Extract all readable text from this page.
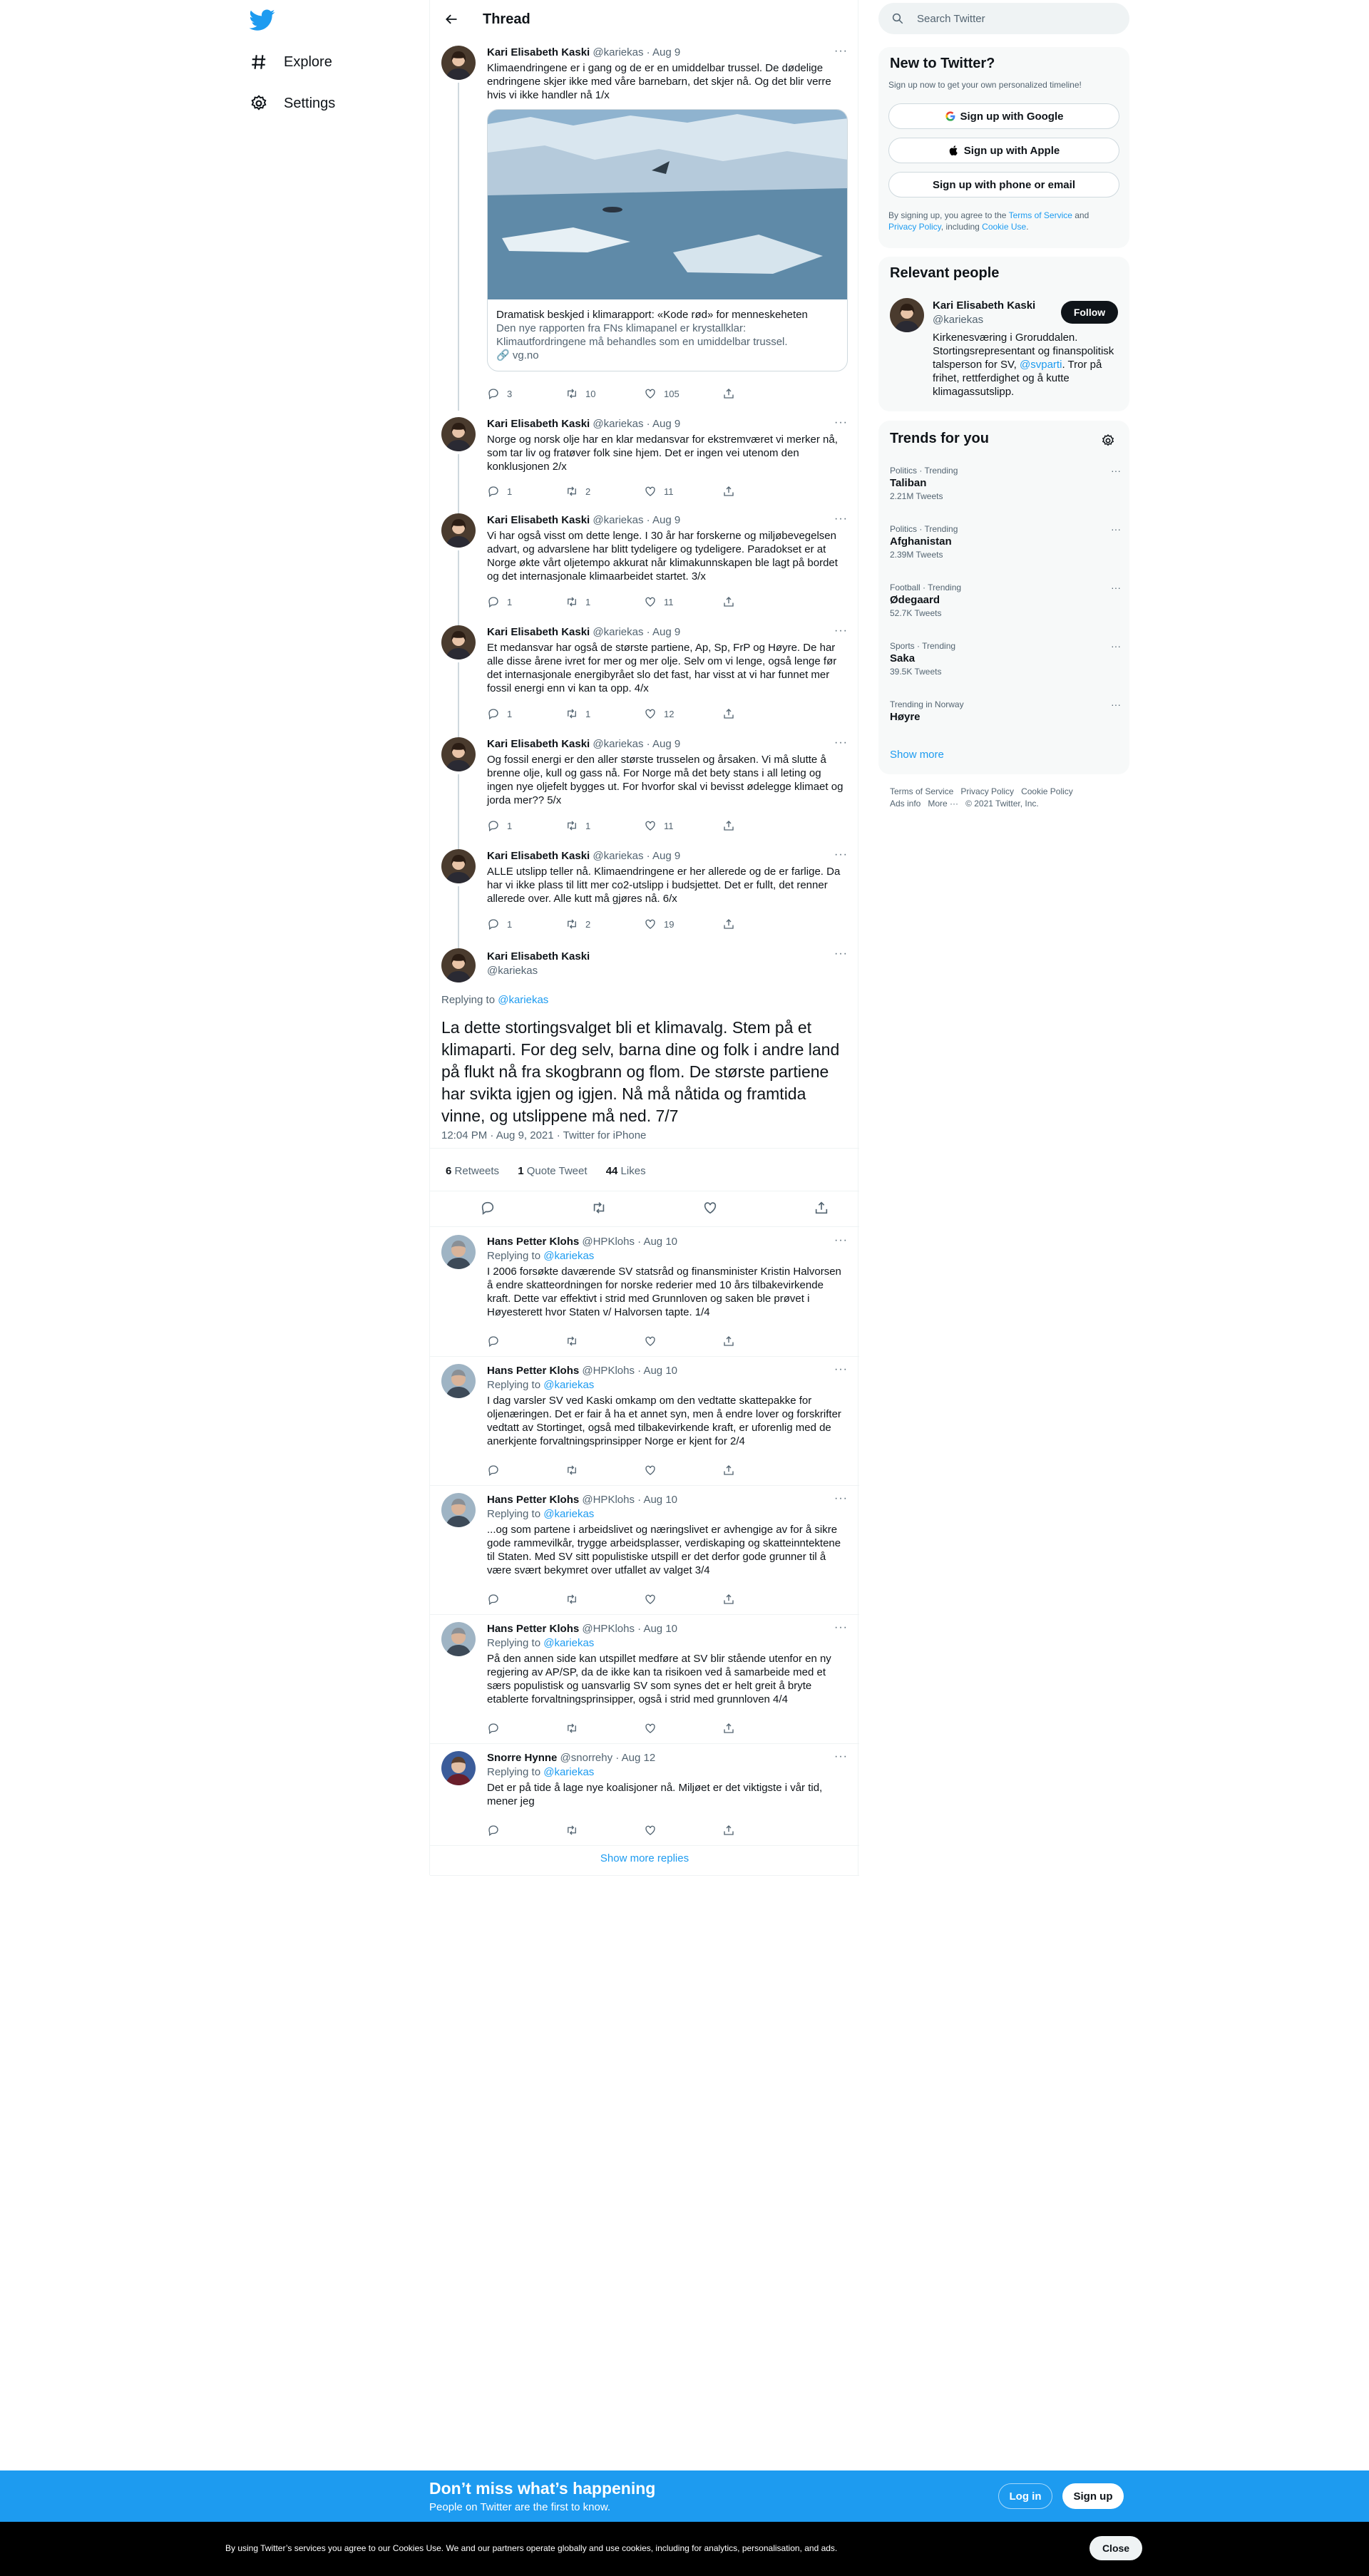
Explore
Settings
Thread
Kari Elisabeth Kaski @kariekas · Aug 9	···
Klimaendringene er i gang og de er en umiddelbar trussel. De dødelige endringene skjer ikke med våre barnebarn, det skjer nå. Og det blir verre hvis vi ikke handler nå 1/x
Dramatisk beskjed i klimarapport: «Kode rød» for menneskeheten
Den nye rapporten fra FNs klimapanel er krystallklar: Klimautfordringene må behandles som en umiddelbar trussel.
🔗 vg.no
3	10	105
Kari Elisabeth Kaski @kariekas · Aug 9	···
Norge og norsk olje har en klar medansvar for ekstremværet vi merker nå, som tar liv og fratøver folk sine hjem. Det er ingen vei utenom den konklusjonen 2/x
1	2	11
Kari Elisabeth Kaski @kariekas · Aug 9	···
Vi har også visst om dette lenge. I 30 år har forskerne og miljøbevegelsen advart, og advarslene har blitt tydeligere og tydeligere. Paradokset er at Norge økte vårt oljetempo akkurat når klimakunnskapen ble lagt på bordet og det internasjonale klimaarbeidet startet. 3/x
1	1	11
Kari Elisabeth Kaski @kariekas · Aug 9	···
Et medansvar har også de største partiene, Ap, Sp, FrP og Høyre. De har alle disse årene ivret for mer og mer olje. Selv om vi lenge, også lenge før det internasjonale energibyrået slo det fast, har visst at vi har funnet mer fossil energi enn vi kan ta opp. 4/x
1	1	12
Kari Elisabeth Kaski @kariekas · Aug 9	···
Og fossil energi er den aller største trusselen og årsaken. Vi må slutte å brenne olje, kull og gass nå. For Norge må det bety stans i all leting og ingen nye oljefelt bygges ut. For hvorfor skal vi bevisst ødelegge klimaet og jorda mer?? 5/x
1	1	11
Kari Elisabeth Kaski @kariekas · Aug 9	···
ALLE utslipp teller nå. Klimaendringene er her allerede og de er farlige. Da har vi ikke plass til litt mer co2-utslipp i budsjettet. Det er fullt, det renner allerede over. Alle kutt må gjøres nå. 6/x
1	2	19
Kari Elisabeth Kaski
@kariekas
···
Replying to @kariekas
La dette stortingsvalget bli et klimavalg. Stem på et klimaparti. For deg selv, barna dine og folk i andre land på flukt nå fra skogbrann og flom. De største partiene har svikta igjen og igjen. Nå må nåtida og framtida vinne, og utslippene må ned. 7/7
12:04 PM · Aug 9, 2021 · Twitter for iPhone
6 Retweets 1 Quote Tweet 44 Likes
Hans Petter Klohs @HPKlohs · Aug 10	···
Replying to @kariekas
I 2006 forsøkte daværende SV statsråd og finansminister Kristin Halvorsen å endre skatteordningen for norske rederier med 10 års tilbakevirkende kraft. Dette var effektivt i strid med Grunnloven og saken ble prøvet i Høyesterett hvor Staten v/ Halvorsen tapte. 1/4
Hans Petter Klohs @HPKlohs · Aug 10	···
Replying to @kariekas
I dag varsler SV ved Kaski omkamp om den vedtatte skattepakke for oljenæringen. Det er fair å ha et annet syn, men å endre lover og forskrifter vedtatt av Stortinget, også med tilbakevirkende kraft, er uforenlig med de anerkjente forvaltningsprinsipper Norge er kjent for 2/4
Hans Petter Klohs @HPKlohs · Aug 10	···
Replying to @kariekas
...og som partene i arbeidslivet og næringslivet er avhengige av for å sikre gode rammevilkår, trygge arbeidsplasser, verdiskaping og skatteinntektene til Staten. Med SV sitt populistiske utspill er det derfor gode grunner til å være svært bekymret over utfallet av valget 3/4
Hans Petter Klohs @HPKlohs · Aug 10	···
Replying to @kariekas
På den annen side kan utspillet medføre at SV blir stående utenfor en ny regjering av AP/SP, da de ikke kan ta risikoen ved å samarbeide med et særs populistisk og uansvarlig SV som synes det er helt greit å bryte etablerte forvaltningsprinsipper, også i strid med grunnloven 4/4
Snorre Hynne @snorrehy · Aug 12	···
Replying to @kariekas
Det er på tide å lage nye koalisjoner nå. Miljøet er det viktigste i vår tid, mener jeg
Show more replies
Search Twitter
New to Twitter?
Sign up now to get your own personalized timeline!
Sign up with Google
Sign up with Apple
Sign up with phone or email
By signing up, you agree to the Terms of Service and Privacy Policy, including Cookie Use.
Relevant people
Kari Elisabeth Kaski
@kariekas
Follow
Kirkenesværing i Groruddalen. Stortingsrepresentant og finanspolitisk talsperson for SV, @svparti. Tror på frihet, rettferdighet og å kutte klimagassutslipp.
Trends for you
Politics · Trending
Taliban
2.21M Tweets
···
Politics · Trending
Afghanistan
2.39M Tweets
···
Football · Trending
Ødegaard
52.7K Tweets
···
Sports · Trending
Saka
39.5K Tweets
···
Trending in Norway
Høyre
···
Show more
Terms of Service Privacy Policy Cookie Policy
Ads info More ··· © 2021 Twitter, Inc.
Don’t miss what’s happening
People on Twitter are the first to know.
Log in	Sign up
By using Twitter’s services you agree to our Cookies Use. We and our partners operate globally and use cookies, including for analytics, personalisation, and ads.	Close
